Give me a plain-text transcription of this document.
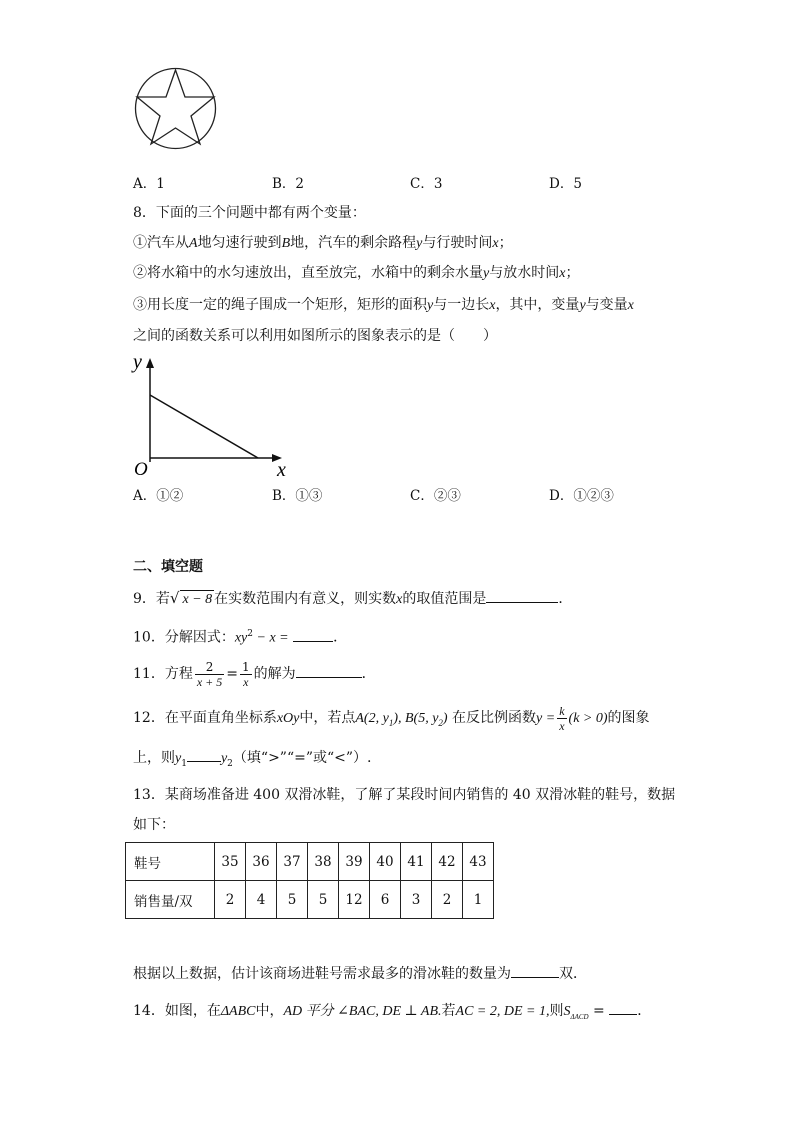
A．1	B．2	C．3	D．5
8．下面的三个问题中都有两个变量：
①汽车从A地匀速行驶到B地，汽车的剩余路程y与行驶时间x；
②将水箱中的水匀速放出，直至放完，水箱中的剩余水量y与放水时间x；
③用长度一定的绳子围成一个矩形，矩形的面积y与一边长x，其中，变量y与变量x
之间的函数关系可以利用如图所示的图象表示的是（　　）
y
x
O
A．①②	B．①③	C．②③	D．①②③
二、填空题
9．若√ x − 8 在实数范围内有意义，则实数x的取值范围是	．
10．分解因式：$xy^2 - x$ =	．
11．方程 $\frac{2}{x + 5} = \frac{1}{x}$ 的解为	．
12．在平面直角坐标系xOy中，若点A(2, $y_1$), B(5, $y_2$) 在反比例函数$y = \frac{k}{x} (k > 0)$的图象
上，则$y_1$ $y_2$（填“>”“=”或“<”）.
13．某商场准备进 400 双滑冰鞋，了解了某段时间内销售的 40 双滑冰鞋的鞋号，数据
如下：
鞋号	35	36	37	38	39	40	41	42	43
销售量/双	2	4	5	5	12	6	3	2	1
根据以上数据，估计该商场进鞋号需求最多的滑冰鞋的数量为	双．
14．如图，在ΔABC中，AD 平分 ∠BAC, DE ⊥ AB.若AC = 2, DE = 1,则$S_{\Delta ACD}$ = ．
